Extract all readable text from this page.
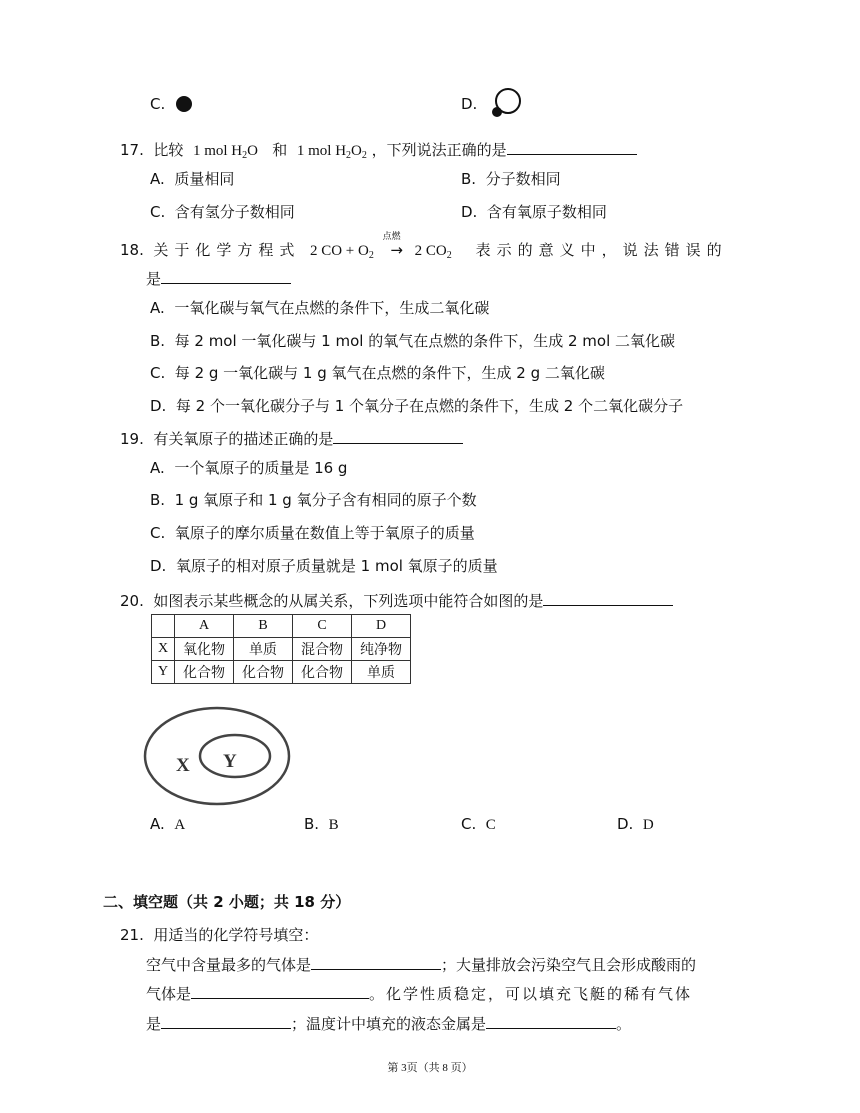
C.	D.
17. 比较 1 mol $H_2O$ 和 1 mol $H_2O_2$ ，下列说法正确的是
A. 质量相同	B. 分子数相同
C. 含有氢分子数相同	D. 含有氧原子数相同
18. 关于化学方程式 2 CO + $O_2$
点燃
→2 $CO_2$ 表示的意义中，说法错误的
是
A. 一氧化碳与氧气在点燃的条件下，生成二氧化碳
B. 每 2 mol 一氧化碳与 1 mol 的氧气在点燃的条件下，生成 2 mol 二氧化碳
C. 每 2 g 一氧化碳与 1 g 氧气在点燃的条件下，生成 2 g 二氧化碳
D. 每 2 个一氧化碳分子与 1 个氧分子在点燃的条件下，生成 2 个二氧化碳分子
19. 有关氧原子的描述正确的是
A. 一个氧原子的质量是 16 g
B. 1 g 氧原子和 1 g 氧分子含有相同的原子个数
C. 氧原子的摩尔质量在数值上等于氧原子的质量
D. 氧原子的相对原子质量就是 1 mol 氧原子的质量
20. 如图表示某些概念的从属关系，下列选项中能符合如图的是
	A	B	C	D
X	氧化物	单质	混合物	纯净物
Y	化合物	化合物	化合物	单质
X Y
A. A	B. B	C. C	D. D
二、填空题（共 2 小题；共 18 分）
21. 用适当的化学符号填空：
空气中含量最多的气体是	；大量排放会污染空气且会形成酸雨的
气体是	。化学性质稳定，可以填充飞艇的稀有气体
是	；温度计中填充的液态金属是	。
第 3页（共 8 页）
